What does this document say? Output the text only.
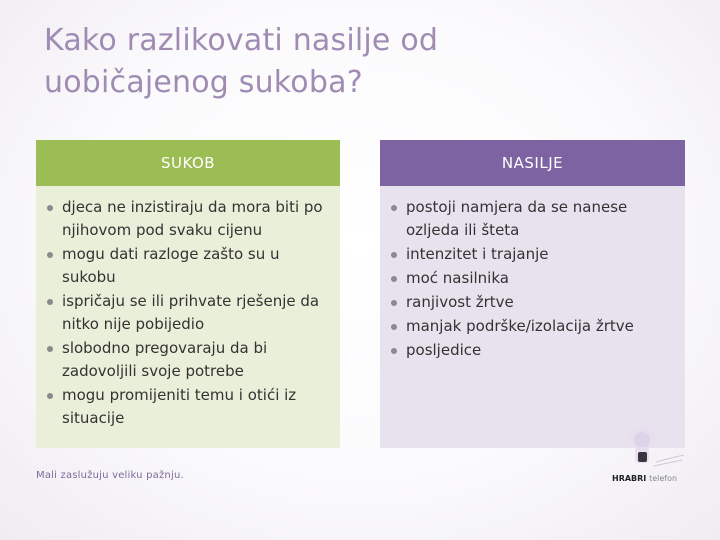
Kako razlikovati nasilje od uobičajenog sukoba?
SUKOB
djeca ne inzistiraju da mora biti po njihovom pod svaku cijenu
mogu dati razloge zašto su u sukobu
ispričaju se ili prihvate rješenje da nitko nije pobijedio
slobodno pregovaraju da bi zadovoljili svoje potrebe
mogu promijeniti temu i otići iz situacije
NASILJE
postoji namjera da se nanese ozljeda ili šteta
intenzitet i trajanje
moć nasilnika
ranjivost žrtve
manjak podrške/izolacija žrtve
posljedice
Mali zaslužuju veliku pažnju.	HRABRI telefon
